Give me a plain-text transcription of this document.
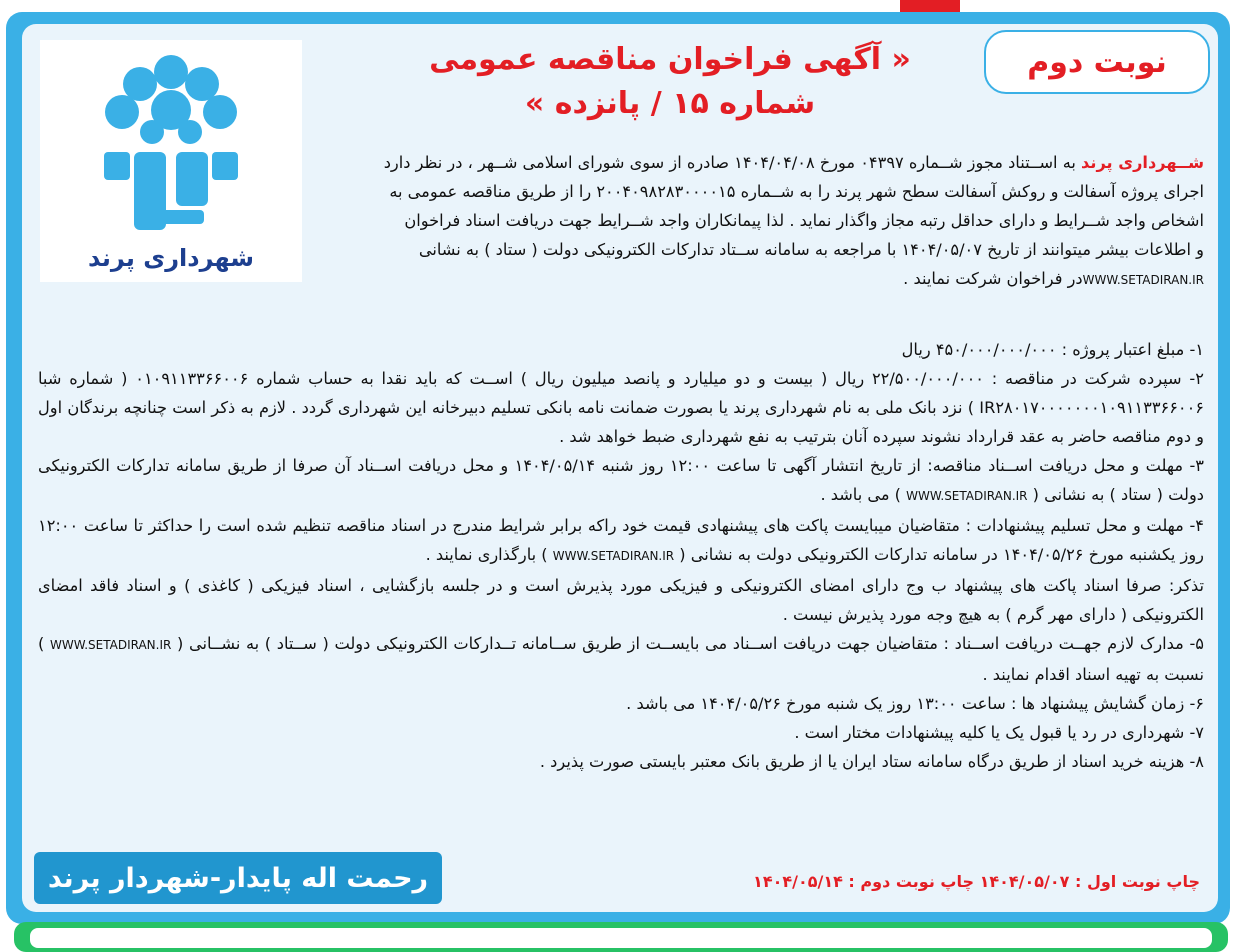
نوبت دوم
شهرداری پرند
« آگهی فراخوان مناقصه عمومی
شماره ۱۵ / پانزده »

شــهرداری پرند به اســتناد مجوز شــماره ۰۴۳۹۷ مورخ ۱۴۰۴/۰۴/۰۸ صادره از سوی شورای اسلامی شــهر ، در نظر دارد

اجرای پروژه آسفالت و روکش آسفالت سطح شهر پرند را به شــماره ۲۰۰۴۰۹۸۲۸۳۰۰۰۰۱۵ را از طریق مناقصه عمومی به

اشخاص واجد شــرایط و دارای حداقل رتبه مجاز واگذار نماید . لذا پیمانکاران واجد شــرایط جهت دریافت اسناد فراخوان

و اطلاعات بیشر میتوانند از تاریخ ۱۴۰۴/۰۵/۰۷ با مراجعه به سامانه ســتاد تدارکات الکترونیکی دولت ( ستاد ) به نشانی

WWW.SETADIRAN.IRدر فراخوان شرکت نمایند .

۱- مبلغ اعتبار پروژه : ۴۵۰/۰۰۰/۰۰۰/۰۰۰ ریال

۲- سپرده شرکت در مناقصه : ۲۲/۵۰۰/۰۰۰/۰۰۰ ریال ( بیست و دو میلیارد و پانصد میلیون ریال ) اســت که باید نقدا به حساب شماره ۰۱۰۹۱۱۳۳۶۶۰۰۶ ( شماره شبا IR۲۸۰۱۷۰۰۰۰۰۰۰۱۰۹۱۱۳۳۶۶۰۰۶ ) نزد بانک ملی به نام شهرداری پرند یا بصورت ضمانت نامه بانکی تسلیم دبیرخانه این شهرداری گردد . لازم به ذکر است چنانچه برندگان اول و دوم مناقصه حاضر به عقد قرارداد نشوند سپرده آنان بترتیب به نفع شهرداری ضبط خواهد شد .

۳- مهلت و محل دریافت اســناد مناقصه: از تاریخ انتشار آگهی تا ساعت ۱۲:۰۰ روز شنبه ۱۴۰۴/۰۵/۱۴ و محل دریافت اســناد آن صرفا از طریق سامانه تدارکات الکترونیکی دولت ( ستاد ) به نشانی ( WWW.SETADIRAN.IR ) می باشد .

۴- مهلت و محل تسلیم پیشنهادات : متقاضیان میبایست پاکت های پیشنهادی قیمت خود راکه برابر شرایط مندرج در اسناد مناقصه تنظیم شده است را حداکثر تا ساعت ۱۲:۰۰ روز یکشنبه مورخ ۱۴۰۴/۰۵/۲۶ در سامانه تدارکات الکترونیکی دولت به نشانی ( WWW.SETADIRAN.IR ) بارگذاری نمایند .

تذکر: صرفا اسناد پاکت های پیشنهاد ب وج دارای امضای الکترونیکی و فیزیکی مورد پذیرش است و در جلسه بازگشایی ، اسناد فیزیکی ( کاغذی ) و اسناد فاقد امضای الکترونیکی ( دارای مهر گرم ) به هیچ وجه مورد پذیرش نیست .

۵- مدارک لازم جهــت دریافت اســناد : متقاضیان جهت دریافت اســناد می بایســت از طریق ســامانه تــدارکات الکترونیکی دولت ( ســتاد ) به نشــانی ( WWW.SETADIRAN.IR ) نسبت به تهیه اسناد اقدام نمایند .

۶- زمان گشایش پیشنهاد ها : ساعت ۱۳:۰۰ روز یک شنبه مورخ ۱۴۰۴/۰۵/۲۶ می باشد .

۷- شهرداری در رد یا قبول یک یا کلیه پیشنهادات مختار است .

۸- هزینه خرید اسناد از طریق درگاه سامانه ستاد ایران یا از طریق بانک معتبر بایستی صورت پذیرد .

چاپ نوبت اول : ۱۴۰۴/۰۵/۰۷ چاپ نوبت دوم : ۱۴۰۴/۰۵/۱۴
رحمت اله پایدار-شهردار پرند
